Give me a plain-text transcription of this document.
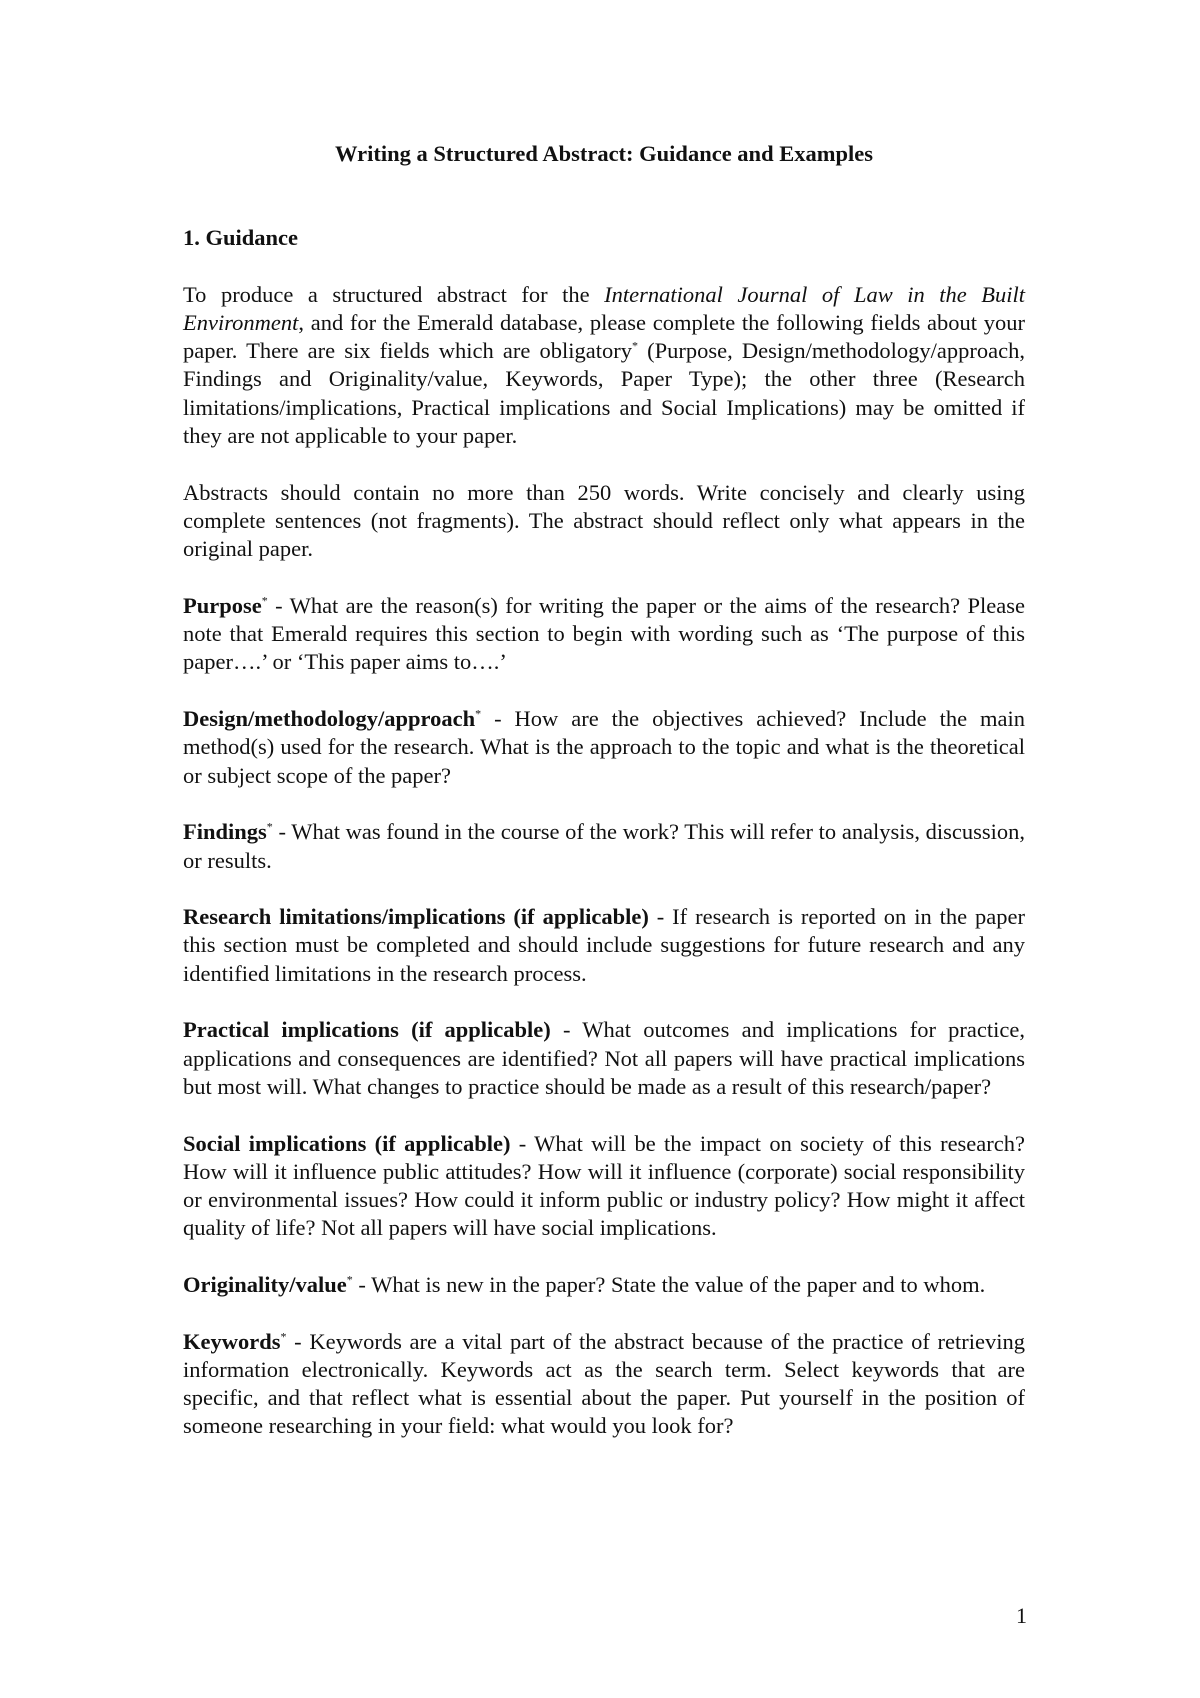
Writing a Structured Abstract: Guidance and Examples
1. Guidance

To produce a structured abstract for the International Journal of Law in the Built Environment, and for the Emerald database, please complete the following fields about your paper. There are six fields which are obligatory* (Purpose, Design/methodology/approach, Findings and Originality/value, Keywords, Paper Type); the other three (Research limitations/implications, Practical implications and Social Implications) may be omitted if they are not applicable to your paper.

Abstracts should contain no more than 250 words. Write concisely and clearly using complete sentences (not fragments). The abstract should reflect only what appears in the original paper.

Purpose* - What are the reason(s) for writing the paper or the aims of the research? Please note that Emerald requires this section to begin with wording such as ‘The purpose of this paper….’ or ‘This paper aims to….’

Design/methodology/approach* - How are the objectives achieved? Include the main method(s) used for the research. What is the approach to the topic and what is the theoretical or subject scope of the paper?

Findings* - What was found in the course of the work? This will refer to analysis, discussion, or results.

Research limitations/implications (if applicable) - If research is reported on in the paper this section must be completed and should include suggestions for future research and any identified limitations in the research process.

Practical implications (if applicable) - What outcomes and implications for practice, applications and consequences are identified? Not all papers will have practical implications but most will. What changes to practice should be made as a result of this research/paper?

Social implications (if applicable) - What will be the impact on society of this research? How will it influence public attitudes? How will it influence (corporate) social responsibility or environmental issues? How could it inform public or industry policy? How might it affect quality of life? Not all papers will have social implications.

Originality/value* - What is new in the paper? State the value of the paper and to whom.

Keywords* - Keywords are a vital part of the abstract because of the practice of retrieving information electronically. Keywords act as the search term. Select keywords that are specific, and that reflect what is essential about the paper. Put yourself in the position of someone researching in your field: what would you look for?

1
